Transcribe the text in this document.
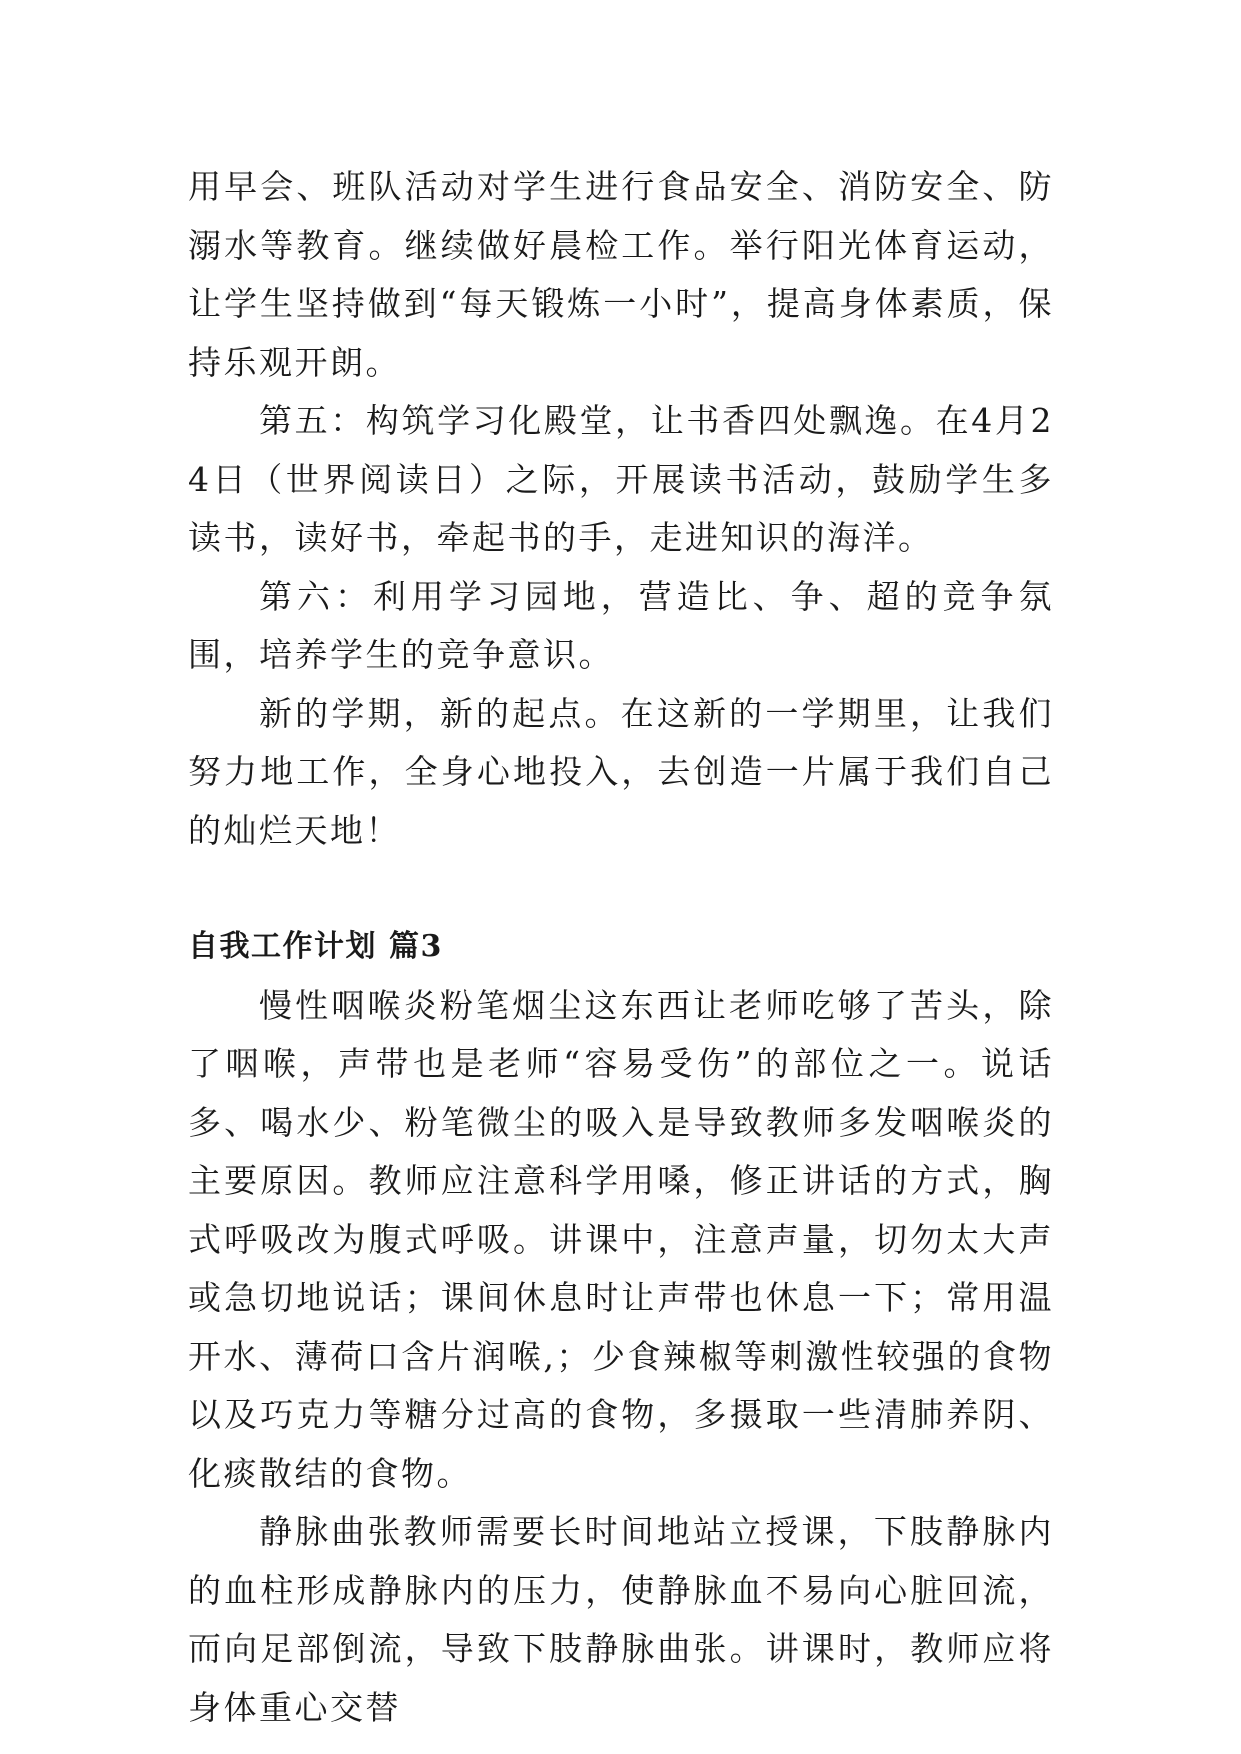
用早会、班队活动对学生进行食品安全、消防安全、防溺水等教育。继续做好晨检工作。举行阳光体育运动，让学生坚持做到“每天锻炼一小时”，提高身体素质，保持乐观开朗。

第五：构筑学习化殿堂，让书香四处飘逸。在4月24日（世界阅读日）之际，开展读书活动，鼓励学生多读书，读好书，牵起书的手，走进知识的海洋。

第六：利用学习园地，营造比、争、超的竞争氛围，培养学生的竞争意识。

新的学期，新的起点。在这新的一学期里，让我们努力地工作，全身心地投入，去创造一片属于我们自己的灿烂天地！

自我工作计划 篇3

慢性咽喉炎粉笔烟尘这东西让老师吃够了苦头，除了咽喉，声带也是老师“容易受伤”的部位之一。说话多、喝水少、粉笔微尘的吸入是导致教师多发咽喉炎的主要原因。教师应注意科学用嗓，修正讲话的方式，胸式呼吸改为腹式呼吸。讲课中，注意声量，切勿太大声或急切地说话；课间休息时让声带也休息一下；常用温开水、薄荷口含片润喉,；少食辣椒等刺激性较强的食物以及巧克力等糖分过高的食物，多摄取一些清肺养阴、化痰散结的食物。

静脉曲张教师需要长时间地站立授课，下肢静脉内的血柱形成静脉内的压力，使静脉血不易向心脏回流，而向足部倒流，导致下肢静脉曲张。讲课时，教师应将身体重心交替
